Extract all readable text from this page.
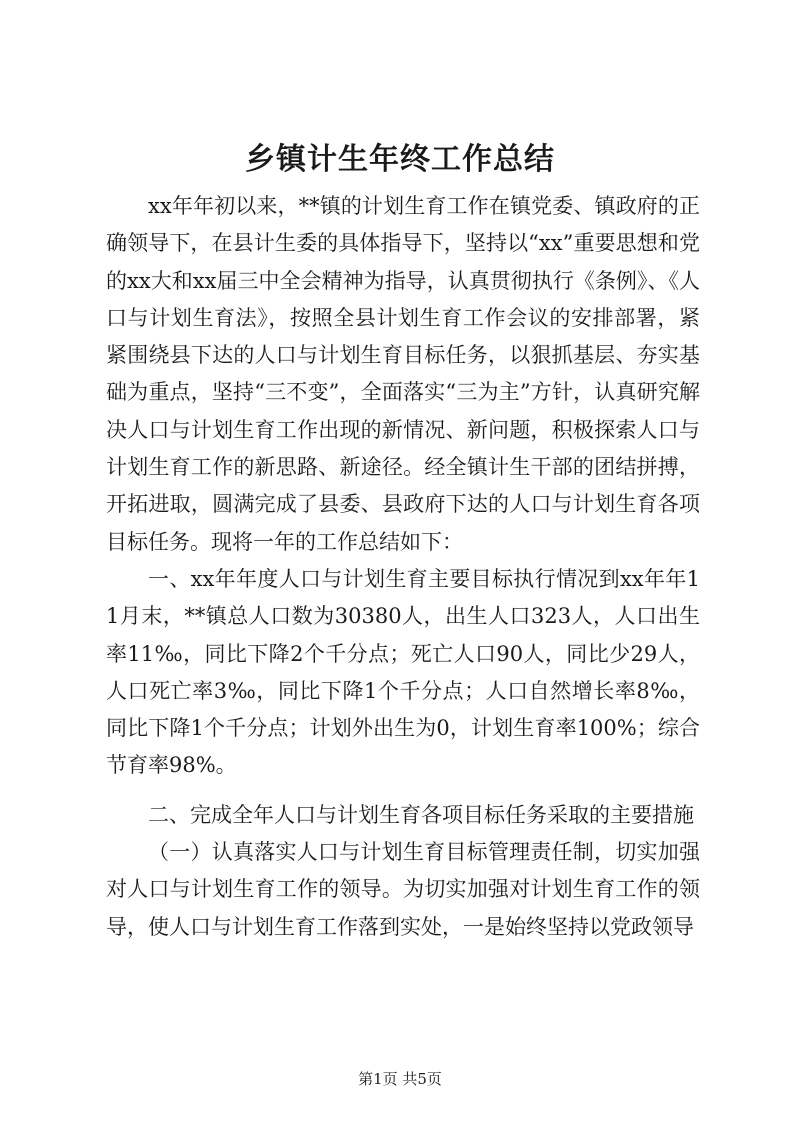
乡镇计生年终工作总结

xx年年初以来，**镇的计划生育工作在镇党委、镇政府的正确领导下，在县计生委的具体指导下，坚持以“xx”重要思想和党的xx大和xx届三中全会精神为指导，认真贯彻执行《条例》、《人口与计划生育法》，按照全县计划生育工作会议的安排部署，紧紧围绕县下达的人口与计划生育目标任务，以狠抓基层、夯实基础为重点，坚持“三不变”，全面落实“三为主”方针，认真研究解决人口与计划生育工作出现的新情况、新问题，积极探索人口与计划生育工作的新思路、新途径。经全镇计生干部的团结拼搏，开拓进取，圆满完成了县委、县政府下达的人口与计划生育各项目标任务。现将一年的工作总结如下：

一、xx年年度人口与计划生育主要目标执行情况到xx年年11月末，**镇总人口数为30380人，出生人口323人，人口出生率11‰，同比下降2个千分点；死亡人口90人，同比少29人，人口死亡率3‰，同比下降1个千分点；人口自然增长率8‰，同比下降1个千分点；计划外出生为0，计划生育率100%；综合节育率98%。

二、完成全年人口与计划生育各项目标任务采取的主要措施

（一）认真落实人口与计划生育目标管理责任制，切实加强对人口与计划生育工作的领导。为切实加强对计划生育工作的领导，使人口与计划生育工作落到实处，一是始终坚持以党政领导

第1页 共5页
